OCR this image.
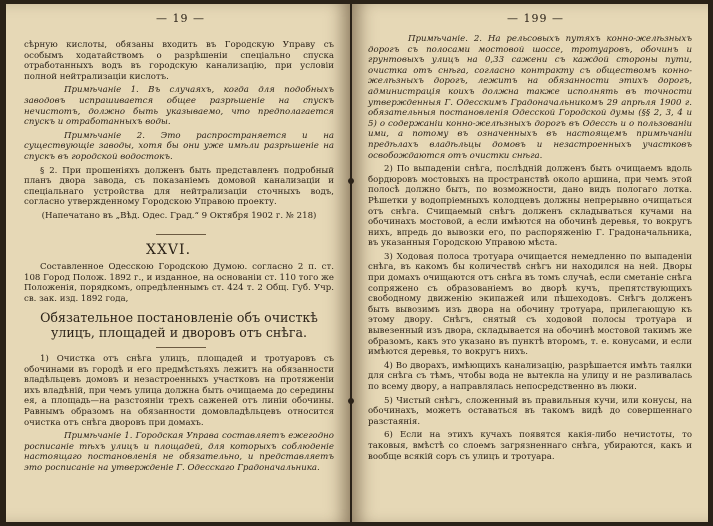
— 19 —

сѣрную кислоты, обязаны входить въ Городскую Управу съ особымъ ходатайствомъ о разрѣшеніи спеціально спуска отработанныхъ водъ въ городскую канализацію, при условіи полной нейтрализаціи кислотъ.

Примѣчаніе 1. Въ случаяхъ, когда для подобныхъ заводовъ испрашивается общее разрѣшеніе на спускъ нечистотъ, должно быть указываемо, что предполагается спускъ и отработанныхъ воды.

Примѣчаніе 2. Это распространяется и на существующіе заводы, хотя бы они уже имѣли разрѣшеніе на спускъ въ городской водостокъ.

§ 2. При прошеніяхъ долженъ быть представленъ подробный планъ двора завода, съ показаніемъ домовой канализаціи и спеціальнаго устройства для нейтрализаціи сточныхъ водъ, согласно утвержденному Городскою Управою проекту.

(Напечатано въ „Вѣд. Одес. Град.“ 9 Октября 1902 г. № 218)

XXVI.

Составленное Одесскою Городскою Думою. согласно 2 п. ст. 108 Город Полож. 1892 г., и изданное, на основаніи ст. 110 того же Положенія, порядкомъ, опредѣленнымъ ст. 424 т. 2 Общ. Губ. Учр. св. зак. изд. 1892 года,

Обязательное постановленіе объ очисткѣ улицъ, площадей и дворовъ отъ снѣга.

1) Очистка отъ снѣга улицъ, площадей и тротуаровъ съ обочинами въ городѣ и его предмѣстьяхъ лежитъ на обязанности владѣльцевъ домовъ и незастроенныхъ участковъ на протяженіи ихъ владѣній, при чемъ улица должна быть очищаема до середины ея, а площадь—на разстояніи трехъ саженей отъ линіи обочины. Равнымъ образомъ на обязанности домовладѣльцевъ относится очистка отъ снѣга дворовъ при домахъ.

Примѣчаніе 1. Городская Управа составляетъ ежегодно росписаніе тѣхъ улицъ и площадей, для которыхъ соблюденіе настоящаго постановленія не обязательно, и представляетъ это росписаніе на утвержденіе Г. Одесскаго Градоначальника.

— 199 —

Примѣчаніе. 2. На рельсовыхъ путяхъ конно-желѣзныхъ дорогъ съ полосами мостовой шоссе, тротуаровъ, обочинъ и грунтовыхъ улицъ на 0,33 сажени съ каждой стороны пути, очистка отъ снѣга, согласно контракту съ обществомъ конно-желѣзныхъ дорогъ, лежитъ на обязанности этихъ дорогъ, администрація коихъ должна также исполнять въ точности утвержденныя Г. Одесскимъ Градоначальникомъ 29 апрѣля 1900 г. обязательныя постановленія Одесской Городской думы (§§ 2, 3, 4 и 5) о содержаніи конно-желѣзныхъ дорогъ въ Одессѣ и о пользованіи ими, а потому въ означенныхъ въ настоящемъ примѣчаніи предѣлахъ владѣльцы домовъ и незастроенныхъ участковъ освобождаются отъ очистки снѣга.

2) По выпаденіи снѣга, послѣдній долженъ быть очищаемъ вдоль бордюровъ мостовыхъ на пространствѣ около аршина, при чемъ этой полосѣ должно быть, по возможности, дано видъ пологаго лотка. Рѣшетки у водопріемныхъ колодцевъ должны непрерывно очищаться отъ снѣга. Счищаемый снѣгъ долженъ складываться кучами на обочинахъ мостовой, а если имѣются на обочинѣ деревья, то вокругъ нихъ, впредь до вывозки его, по распоряженію Г. Градоначальника, въ указанныя Городскою Управою мѣста.

3) Ходовая полоса тротуара очищается немедленно по выпаденіи снѣга, въ какомъ бы количествѣ снѣгъ ни находился на ней. Дворы при домахъ очищаются отъ снѣга въ томъ случаѣ, если сметаніе снѣга сопряжено съ образованіемъ во дворѣ кучъ, препятствующихъ свободному движенію экипажей или пѣшеходовъ. Снѣгъ долженъ быть вывозимъ изъ двора на обочину тротуара, прилегающую къ этому двору. Снѣгъ, снятый съ ходовой полосы тротуара и вывезенный изъ двора, складывается на обочинѣ мостовой такимъ же образомъ, какъ это указано въ пунктѣ второмъ, т. е. конусами, и если имѣются деревья, то вокругъ нихъ.

4) Во дворахъ, имѣющихъ канализацію, разрѣшается имѣть таялки для снѣга съ тѣмъ, чтобы вода не вытекла на улицу и не разливалась по всему двору, а направлялась непосредственно въ люки.

5) Чистый снѣгъ, сложенный въ правильныя кучи, или конусы, на обочинахъ, можетъ оставаться въ такомъ видѣ до совершеннаго разстаянія.

6) Если на этихъ кучахъ появятся какія-либо нечистоты, то таковыя, вмѣстѣ со слоемъ загрязненнаго снѣга, убираются, какъ и вообще всякій соръ съ улицъ и тротуара.
